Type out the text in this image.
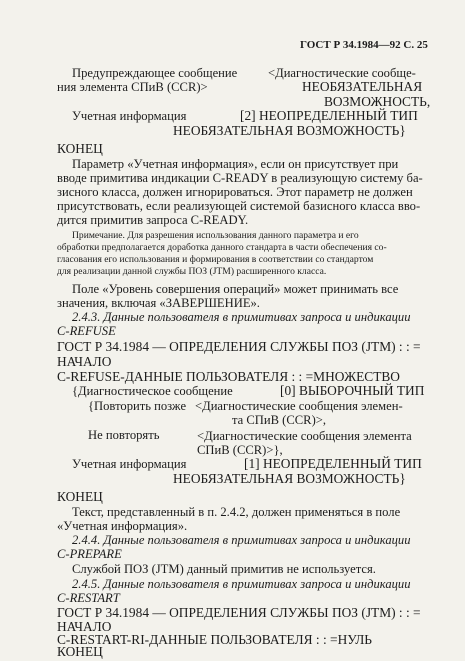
ГОСТ Р 34.1984—92 С. 25
Предупреждающее сообщение <Диагностические сообще-
ния элемента СПиВ (CCR)>	НЕОБЯЗАТЕЛЬНАЯ
ВОЗМОЖНОСТЬ,
Учетная информация	[2] НЕОПРЕДЕЛЕННЫЙ ТИП
НЕОБЯЗАТЕЛЬНАЯ ВОЗМОЖНОСТЬ}
КОНЕЦ
Параметр «Учетная информация», если он присутствует при
вводе примитива индикации C-READY в реализующую систему ба-
зисного класса, должен игнорироваться. Этот параметр не должен
присутствовать, если реализующей системой базисного класса вво-
дится примитив запроса C-READY.
Примечание. Для разрешения использования данного параметра и его
обработки предполагается доработка данного стандарта в части обеспечения со-
гласования его использования и формирования в соответствии со стандартом
для реализации данной службы ПОЗ (JTM) расширенного класса.
Поле «Уровень совершения операций» может принимать все
значения, включая «ЗАВЕРШЕНИЕ».
2.4.3. Данные пользователя в примитивах запроса и индикации
C-REFUSE
ГОСТ Р 34.1984 — ОПРЕДЕЛЕНИЯ СЛУЖБЫ ПОЗ (JTM) : : =
НАЧАЛО
C-REFUSE-ДАННЫЕ ПОЛЬЗОВАТЕЛЯ : : =МНОЖЕСТВО
{Диагностическое сообщение	[0] ВЫБОРОЧНЫЙ ТИП
{Повторить позже <Диагностические сообщения элемен-
та СПиВ (CCR)>,
Не повторять	<Диагностические сообщения элемента СПиВ (CCR)>},
Учетная информация	[1] НЕОПРЕДЕЛЕННЫЙ ТИП
НЕОБЯЗАТЕЛЬНАЯ ВОЗМОЖНОСТЬ}
КОНЕЦ
Текст, представленный в п. 2.4.2, должен применяться в поле
«Учетная информация».
2.4.4. Данные пользователя в примитивах запроса и индикации
C-PREPARE
Службой ПОЗ (JTM) данный примитив не используется.
2.4.5. Данные пользователя в примитивах запроса и индикации
C-RESTART
ГОСТ Р 34.1984 — ОПРЕДЕЛЕНИЯ СЛУЖБЫ ПОЗ (JTM) : : =
НАЧАЛО
C-RESTART-RI-ДАННЫЕ ПОЛЬЗОВАТЕЛЯ : : =НУЛЬ
КОНЕЦ
